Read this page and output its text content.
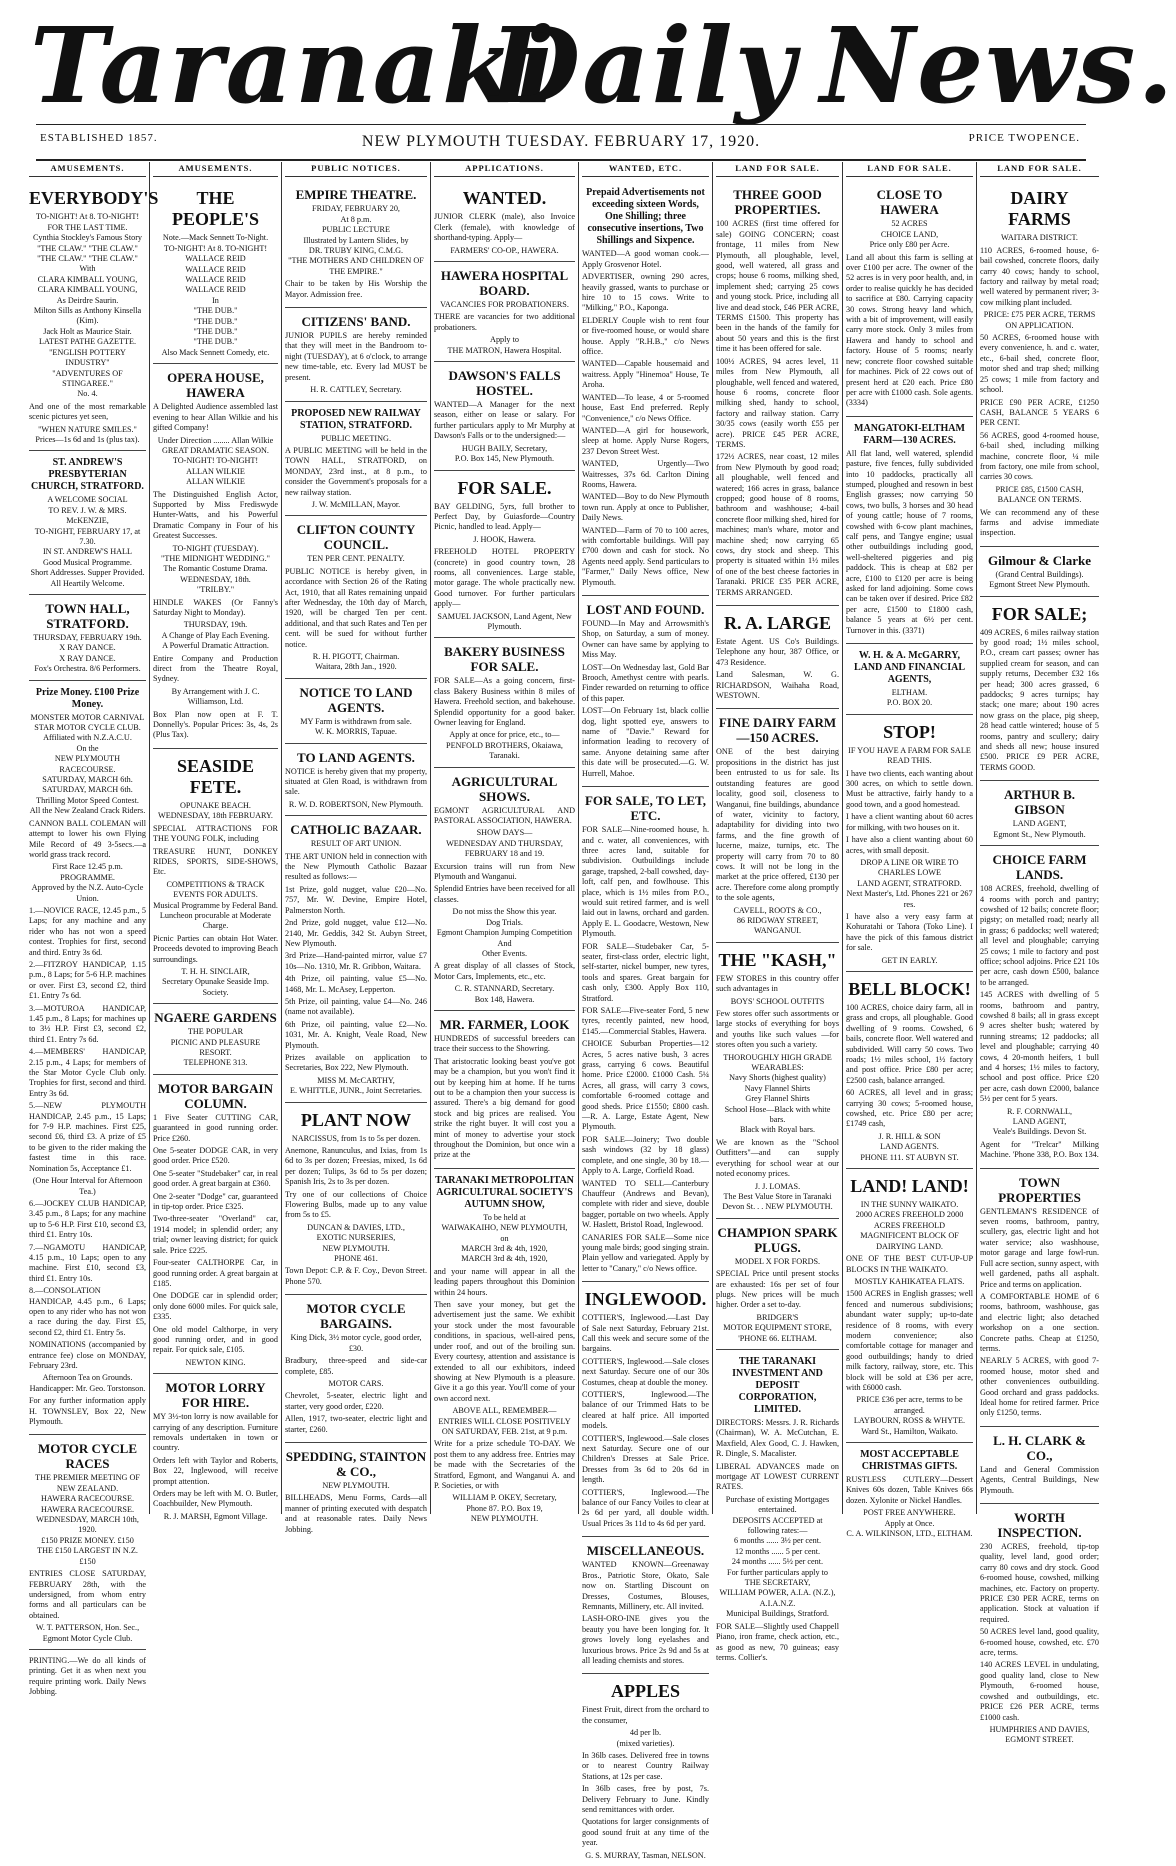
Taranaki
Daily News.
ESTABLISHED 1857.	NEW PLYMOUTH TUESDAY. FEBRUARY 17, 1920.	PRICE TWOPENCE.
AMUSEMENTS.
EVERYBODY'S
TO-NIGHT! At 8. TO-NIGHT!
FOR THE LAST TIME.
Cynthia Stockley's Famous Story
"THE CLAW." "THE CLAW."
"THE CLAW." "THE CLAW."
With
CLARA KIMBALL YOUNG,
CLARA KIMBALL YOUNG,
As Deirdre Saurin.
Milton Sills as Anthony Kinsella (Kim).
Jack Holt as Maurice Stair.
LATEST PATHE GAZETTE.
"ENGLISH POTTERY INDUSTRY"
"ADVENTURES OF STINGAREE."
No. 4.
And one of the most remarkable scenic pictures yet seen,
"WHEN NATURE SMILES."
Prices—1s 6d and 1s (plus tax).
ST. ANDREW'S PRESBYTERIAN CHURCH, STRATFORD.
A WELCOME SOCIAL
TO REV. J. W. & MRS. McKENZIE,
TO-NIGHT, FEBRUARY 17, at 7.30.
IN ST. ANDREW'S HALL
Good Musical Programme.
Short Addresses. Supper Provided.
All Heartily Welcome.
TOWN HALL, STRATFORD.
THURSDAY, FEBRUARY 19th.
X RAY DANCE.
X RAY DANCE.
Fox's Orchestra. 8/6 Performers.
Prize Money. £100 Prize Money.
MONSTER MOTOR CARNIVAL
STAR MOTOR CYCLE CLUB.
Affiliated with N.Z.A.C.U.
On the
NEW PLYMOUTH RACECOURSE.
SATURDAY, MARCH 6th.
SATURDAY, MARCH 6th.
Thrilling Motor Speed Contest.
All the New Zealand Crack Riders.
CANNON BALL COLEMAN will attempt to lower his own Flying Mile Record of 49 3-5secs.—a world grass track record.
First Race 12.45 p.m.
PROGRAMME.
Approved by the N.Z. Auto-Cycle Union.
1.—NOVICE RACE, 12.45 p.m., 5 Laps; for any machine and any rider who has not won a speed contest. Trophies for first, second and third. Entry 3s 6d.
2.—FITZROY HANDICAP, 1.15 p.m., 8 Laps; for 5-6 H.P. machines or over. First £3, second £2, third £1. Entry 7s 6d.
3.—MOTUROA HANDICAP, 1.45 p.m., 8 Laps; for machines up to 3½ H.P. First £3, second £2, third £1. Entry 7s 6d.
4.—MEMBERS' HANDICAP, 2.15 p.m., 4 Laps; for members of the Star Motor Cycle Club only. Trophies for first, second and third. Entry 3s 6d.
5.—NEW PLYMOUTH HANDICAP, 2.45 p.m., 15 Laps; for 7-9 H.P. machines. First £25, second £6, third £3. A prize of £5 to be given to the rider making the fastest time in this race. Nomination 5s, Acceptance £1.
(One Hour Interval for Afternoon Tea.)
6.—JOCKEY CLUB HANDICAP, 3.45 p.m., 8 Laps; for any machine up to 5-6 H.P. First £10, second £3, third £1. Entry 10s.
7.—NGAMOTU HANDICAP, 4.15 p.m., 10 Laps; open to any machine. First £10, second £3, third £1. Entry 10s.
8.—CONSOLATION HANDICAP, 4.45 p.m., 6 Laps; open to any rider who has not won a race during the day. First £5, second £2, third £1. Entry 5s.
NOMINATIONS (accompanied by entrance fee) close on MONDAY, February 23rd.
Afternoon Tea on Grounds.
Handicapper: Mr. Geo. Torstonson.
For any further information apply H. TOWNSLEY, Box 22, New Plymouth.
MOTOR CYCLE RACES
THE PREMIER MEETING OF NEW ZEALAND.
HAWERA RACECOURSE.
HAWERA RACECOURSE.
WEDNESDAY, MARCH 10th, 1920.
£150 PRIZE MONEY. £150
THE £150 LARGEST IN N.Z. £150
ENTRIES CLOSE SATURDAY, FEBRUARY 28th, with the undersigned, from whom entry forms and all particulars can be obtained.
W. T. PATTERSON, Hon. Sec.,
Egmont Motor Cycle Club.
PRINTING.—We do all kinds of printing. Get it as when next you require printing work. Daily News Jobbing.
AMUSEMENTS.
THE PEOPLE'S
Note.—Mack Sennett To-Night.
TO-NIGHT! At 8. TO-NIGHT!
WALLACE REID
WALLACE REID
WALLACE REID
WALLACE REID
In
"THE DUB."
"THE DUB."
"THE DUB."
"THE DUB."
Also Mack Sennett Comedy, etc.
OPERA HOUSE, HAWERA
A Delighted Audience assembled last evening to hear Allan Wilkie and his gifted Company!
Under Direction ........ Allan Wilkie
GREAT DRAMATIC SEASON.
TO-NIGHT! TO-NIGHT!
ALLAN WILKIE
ALLAN WILKIE
The Distinguished English Actor, Supported by Miss Frediswyde Hunter-Watts, and his Powerful Dramatic Company in Four of his Greatest Successes.
TO-NIGHT (TUESDAY).
"THE MIDNIGHT WEDDING."
The Romantic Costume Drama.
WEDNESDAY, 18th.
"TRILBY."
HINDLE WAKES (Or Fanny's Saturday Night to Monday).
THURSDAY, 19th.
A Change of Play Each Evening.
A Powerful Dramatic Attraction.
Entire Company and Production direct from the Theatre Royal, Sydney.
By Arrangement with J. C. Williamson, Ltd.
Box Plan now open at F. T. Donnelly's. Popular Prices: 3s, 4s, 2s (Plus Tax).
SEASIDE FETE.
OPUNAKE BEACH.
WEDNESDAY, 18th FEBRUARY.
SPECIAL ATTRACTIONS FOR THE YOUNG FOLK, including
TREASURE HUNT, DONKEY RIDES, SPORTS, SIDE-SHOWS, Etc.
COMPETITIONS & TRACK EVENTS FOR ADULTS.
Musical Programme by Federal Band.
Luncheon procurable at Moderate Charge.
Picnic Parties can obtain Hot Water. Proceeds devoted to improving Beach surroundings.
T. H. H. SINCLAIR,
Secretary Opunake Seaside Imp. Society.
NGAERE GARDENS
THE POPULAR
PICNIC AND PLEASURE
RESORT.
TELEPHONE 313.
MOTOR BARGAIN COLUMN.
1 Five Seater CUTTING CAR, guaranteed in good running order. Price £260.
One 5-seater DODGE CAR, in very good order. Price £520.
One 5-seater "Studebaker" car, in real good order. A great bargain at £360.
One 2-seater "Dodge" car, guaranteed in tip-top order. Price £325.
Two-three-seater "Overland" car, 1914 model; in splendid order; any trial; owner leaving district; for quick sale. Price £225.
Four-seater CALTHORPE Car, in good running order. A great bargain at £185.
One DODGE car in splendid order; only done 6000 miles. For quick sale, £335.
One old model Calthorpe, in very good running order, and in good repair. For quick sale, £105.
NEWTON KING.
MOTOR LORRY FOR HIRE.
MY 3½-ton lorry is now available for carrying of any description. Furniture removals undertaken in town or country.
Orders left with Taylor and Roberts, Box 22, Inglewood, will receive prompt attention.
Orders may be left with M. O. Butler, Coachbuilder, New Plymouth.
R. J. MARSH, Egmont Village.
PUBLIC NOTICES.
EMPIRE THEATRE.
FRIDAY, FEBRUARY 20,
At 8 p.m.
PUBLIC LECTURE
Illustrated by Lantern Slides, by
DR. TRUBY KING, C.M.G.
"THE MOTHERS AND CHILDREN OF THE EMPIRE."
Chair to be taken by His Worship the Mayor. Admission free.
CITIZENS' BAND.
JUNIOR PUPILS are hereby reminded that they will meet in the Bandroom to-night (TUESDAY), at 6 o'clock, to arrange new time-table, etc. Every lad MUST be present.
H. R. CATTLEY, Secretary.
PROPOSED NEW RAILWAY STATION, STRATFORD.
PUBLIC MEETING.
A PUBLIC MEETING will be held in the TOWN HALL, STRATFORD, on MONDAY, 23rd inst., at 8 p.m., to consider the Government's proposals for a new railway station.
J. W. McMILLAN, Mayor.
CLIFTON COUNTY COUNCIL.
TEN PER CENT. PENALTY.
PUBLIC NOTICE is hereby given, in accordance with Section 26 of the Rating Act, 1910, that all Rates remaining unpaid after Wednesday, the 10th day of March, 1920, will be charged Ten per cent. additional, and that such Rates and Ten per cent. will be sued for without further notice.
R. H. PIGOTT, Chairman.
Waitara, 28th Jan., 1920.
NOTICE TO LAND AGENTS.
MY Farm is withdrawn from sale.
W. K. MORRIS, Tapuae.
TO LAND AGENTS.
NOTICE is hereby given that my property, situated at Glen Road, is withdrawn from sale.
R. W. D. ROBERTSON, New Plymouth.
CATHOLIC BAZAAR.
RESULT OF ART UNION.
THE ART UNION held in connection with the New Plymouth Catholic Bazaar resulted as follows:—
1st Prize, gold nugget, value £20—No. 757, Mr. W. Devine, Empire Hotel, Palmerston North.
2nd Prize, gold nugget, value £12—No. 2140, Mr. Geddis, 342 St. Aubyn Street, New Plymouth.
3rd Prize—Hand-painted mirror, value £7 10s—No. 1310, Mr. R. Gribbon, Waitara.
4th Prize, oil painting, value £5—No. 1468, Mr. L. McAsey, Lepperton.
5th Prize, oil painting, value £4—No. 246 (name not available).
6th Prize, oil painting, value £2—No. 1031, Mr. A. Knight, Veale Road, New Plymouth.
Prizes available on application to Secretaries, Box 222, New Plymouth.
MISS M. McCARTHY,
E. WHITTLE, JUNR., Joint Secretaries.
PLANT NOW
NARCISSUS, from 1s to 5s per dozen.
Anemone, Ranunculus, and Ixias, from 1s 6d to 3s per dozen; Freesias, mixed, 1s 6d per dozen; Tulips, 3s 6d to 5s per dozen; Spanish Iris, 2s to 3s per dozen.
Try one of our collections of Choice Flowering Bulbs, made up to any value from 5s to £5.
DUNCAN & DAVIES, LTD.,
EXOTIC NURSERIES,
NEW PLYMOUTH.
PHONE 461.
Town Depot: C.P. & F. Coy., Devon Street. Phone 570.
MOTOR CYCLE BARGAINS.
King Dick, 3½ motor cycle, good order, £30.
Bradbury, three-speed and side-car complete, £85.
MOTOR CARS.
Chevrolet, 5-seater, electric light and starter, very good order, £220.
Allen, 1917, two-seater, electric light and starter, £260.
SPEDDING, STAINTON & CO.,
NEW PLYMOUTH.
BILLHEADS, Menu Forms, Cards—all manner of printing executed with despatch and at reasonable rates. Daily News Jobbing.
APPLICATIONS.
WANTED.
JUNIOR CLERK (male), also Invoice Clerk (female), with knowledge of shorthand-typing. Apply—
FARMERS' CO-OP., HAWERA.
HAWERA HOSPITAL BOARD.
VACANCIES FOR PROBATIONERS.
THERE are vacancies for two additional probationers.
Apply to
THE MATRON, Hawera Hospital.
DAWSON'S FALLS HOSTEL.
WANTED—A Manager for the next season, either on lease or salary. For further particulars apply to Mr Murphy at Dawson's Falls or to the undersigned:—
HUGH BAILY, Secretary,
P.O. Box 145, New Plymouth.
FOR SALE.
BAY GELDING, 5yrs, full brother to Perfect Day, by Guiasforde—Country Picnic, handled to lead. Apply—
J. HOOK, Hawera.
FREEHOLD HOTEL PROPERTY (concrete) in good country town, 28 rooms, all conveniences. Large stable, motor garage. The whole practically new. Good turnover. For further particulars apply—
SAMUEL JACKSON, Land Agent, New Plymouth.
BAKERY BUSINESS FOR SALE.
FOR SALE—As a going concern, first-class Bakery Business within 8 miles of Hawera. Freehold section, and bakehouse. Splendid opportunity for a good baker. Owner leaving for England.
Apply at once for price, etc., to—
PENFOLD BROTHERS, Okaiawa, Taranaki.
AGRICULTURAL SHOWS.
EGMONT AGRICULTURAL AND PASTORAL ASSOCIATION, HAWERA.
SHOW DAYS—
WEDNESDAY AND THURSDAY, FEBRUARY 18 and 19.
Excursion trains will run from New Plymouth and Wanganui.
Splendid Entries have been received for all classes.
Do not miss the Show this year.
Dog Trials.
Egmont Champion Jumping Competition
And
Other Events.
A great display of all classes of Stock, Motor Cars, Implements, etc., etc.
C. R. STANNARD, Secretary.
Box 148, Hawera.
MR. FARMER, LOOK
HUNDREDS of successful breeders can trace their success to the Showring.
That aristocratic looking beast you've got may be a champion, but you won't find it out by keeping him at home. If he turns out to be a champion then your success is assured. There's a big demand for good stock and big prices are realised. You strike the right buyer. It will cost you a mint of money to advertise your stock throughout the Dominion, but once win a prize at the
TARANAKI METROPOLITAN AGRICULTURAL SOCIETY'S AUTUMN SHOW,
To be held at
WAIWAKAIHO, NEW PLYMOUTH,
on
MARCH 3rd & 4th, 1920,
MARCH 3rd & 4th, 1920,
and your name will appear in all the leading papers throughout this Dominion within 24 hours.
Then save your money, but get the advertisement just the same. We exhibit your stock under the most favourable conditions, in spacious, well-aired pens, under roof, and out of the broiling sun. Every courtesy, attention and assistance is extended to all our exhibitors, indeed showing at New Plymouth is a pleasure. Give it a go this year. You'll come of your own accord next.
ABOVE ALL, REMEMBER—
ENTRIES WILL CLOSE POSITIVELY
ON SATURDAY, FEB. 21st, at 9 p.m.
Write for a prize schedule TO-DAY. We post them to any address free. Entries may be made with the Secretaries of the Stratford, Egmont, and Wanganui A. and P. Societies, or with
WILLIAM P. OKEY, Secretary,
Phone 87. P.O. Box 19,
NEW PLYMOUTH.
WANTED, ETC.
Prepaid Advertisements not exceeding sixteen Words, One Shilling; three consecutive insertions, Two Shillings and Sixpence.
WANTED—A good woman cook.—Apply Grosvenor Hotel.
ADVERTISER, owning 290 acres, heavily grassed, wants to purchase or hire 10 to 15 cows. Write to "Milking," P.O., Kaponga.
ELDERLY Couple wish to rent four or five-roomed house, or would share house. Apply "R.H.B.," c/o News office.
WANTED—Capable housemaid and waitress. Apply "Hinemoa" House, Te Aroha.
WANTED—To lease, 4 or 5-roomed house, East End preferred. Reply "Convenience," c/o News Office.
WANTED—A girl for housework, sleep at home. Apply Nurse Rogers, 237 Devon Street West.
WANTED, Urgently—Two Waitresses, 37s 6d. Carlton Dining Rooms, Hawera.
WANTED—Boy to do New Plymouth town run. Apply at once to Publisher, Daily News.
WANTED—Farm of 70 to 100 acres, with comfortable buildings. Will pay £700 down and cash for stock. No Agents need apply. Send particulars to "Farmer," Daily News office, New Plymouth.
LOST AND FOUND.
FOUND—In May and Arrowsmith's Shop, on Saturday, a sum of money. Owner can have same by applying to Miss May.
LOST—On Wednesday last, Gold Bar Brooch, Amethyst centre with pearls. Finder rewarded on returning to office of this paper.
LOST—On February 1st, black collie dog, light spotted eye, answers to name of "Davie." Reward for information leading to recovery of same. Anyone detaining same after this date will be prosecuted.—G. W. Hurrell, Mahoe.
FOR SALE, TO LET, ETC.
FOR SALE—Nine-roomed house, h. and c. water, all conveniences, with three acres land, suitable for subdivision. Outbuildings include garage, trapshed, 2-ball cowshed, day-loft, calf pen, and fowlhouse. This place, which is 1½ miles from P.O., would suit retired farmer, and is well laid out in lawns, orchard and garden. Apply E. L. Goodacre, Westown, New Plymouth.
FOR SALE—Studebaker Car, 5-seater, first-class order, electric light, self-starter, nickel bumper, new tyres, tools and spares. Great bargain for cash only, £300. Apply Box 110, Stratford.
FOR SALE—Five-seater Ford, 5 new tyres, recently painted, new hood, £145.—Commercial Stables, Hawera.
CHOICE Suburban Properties—12 Acres, 5 acres native bush, 3 acres grass, carrying 6 cows. Beautiful home. Price £2000. £1000 Cash. 5¼ Acres, all grass, will carry 3 cows, comfortable 6-roomed cottage and good sheds. Price £1550; £800 cash.—R. A. Large, Estate Agent, New Plymouth.
FOR SALE—Joinery; Two double sash windows (32 by 18 glass) complete, and one single, 30 by 18.—Apply to A. Large, Corfield Road.
WANTED TO SELL—Canterbury Chauffeur (Andrews and Bevan), complete with rider and sieve, double bagger, portable on two wheels. Apply W. Haslett, Bristol Road, Inglewood.
CANARIES FOR SALE—Some nice young male birds; good singing strain. Plain yellow and variegated. Apply by letter to "Canary," c/o News office.
INGLEWOOD.
COTTIER'S, Inglewood.—Last Day of Sale next Saturday, February 21st. Call this week and secure some of the bargains.
COTTIER'S, Inglewood.—Sale closes next Saturday. Secure one of our 30s Costumes, cheap at double the money.
COTTIER'S, Inglewood.—The balance of our Trimmed Hats to be cleared at half price. All imported models.
COTTIER'S, Inglewood.—Sale closes next Saturday. Secure one of our Children's Dresses at Sale Price. Dresses from 3s 6d to 20s 6d in length.
COTTIER'S, Inglewood.—The balance of our Fancy Voiles to clear at 2s 6d per yard, all double width. Usual Prices 3s 11d to 4s 6d per yard.
MISCELLANEOUS.
WANTED KNOWN—Greenaway Bros., Patriotic Store, Okato, Sale now on. Startling Discount on Dresses, Costumes, Blouses, Remnants, Millinery, etc. All invited.
LASH-ORO-INE gives you the beauty you have been longing for. It grows lovely long eyelashes and luxurious brows. Price 2s 9d and 5s at all leading chemists and stores.
APPLES
Finest Fruit, direct from the orchard to the consumer,
4d per lb.
(mixed varieties).
In 36lb cases. Delivered free in towns or to nearest Country Railway Stations, at 12s per case.
In 36lb cases, free by post, 7s. Delivery February to June. Kindly send remittances with order.
Quotations for larger consignments of good sound fruit at any time of the year.
G. S. MURRAY, Tasman, NELSON.
LAND FOR SALE.
THREE GOOD PROPERTIES.
100 ACRES (first time offered for sale) GOING CONCERN; coast frontage, 11 miles from New Plymouth, all ploughable, level, good, well watered, all grass and crops; house 6 rooms, milking shed, implement shed; carrying 25 cows and young stock. Price, including all live and dead stock, £46 PER ACRE, TERMS £1500. This property has been in the hands of the family for about 50 years and this is the first time it has been offered for sale.
100½ ACRES, 94 acres level, 11 miles from New Plymouth, all ploughable, well fenced and watered, house 6 rooms, concrete floor milking shed, handy to school, factory and railway station. Carry 30/35 cows (easily worth £55 per acre). PRICE £45 PER ACRE, TERMS.
172½ ACRES, near coast, 12 miles from New Plymouth by good road; all ploughable, well fenced and watered; 166 acres in grass, balance cropped; good house of 8 rooms, bathroom and washhouse; 4-bail concrete floor milking shed, hired for machines; man's whare, motor and machine shed; now carrying 65 cows, dry stock and sheep. This property is situated within 1½ miles of one of the best cheese factories in Taranaki. PRICE £35 PER ACRE, TERMS ARRANGED.
R. A. LARGE
Estate Agent. US Co's Buildings. Telephone any hour, 387 Office, or 473 Residence.
Land Salesman, W. G. RICHARDSON, Waihaha Road, WESTOWN.
FINE DAIRY FARM—150 ACRES.
ONE of the best dairying propositions in the district has just been entrusted to us for sale. Its outstanding features are good locality, good soil, closeness to Wanganui, fine buildings, abundance of water, vicinity to factory, adaptability for dividing into two farms, and the fine growth of lucerne, maize, turnips, etc. The property will carry from 70 to 80 cows. It will not be long in the market at the price offered, £130 per acre. Therefore come along promptly to the sole agents,
CAVELL, ROOTS & CO.,
86 RIDGWAY STREET, WANGANUI.
THE "KASH,"
FEW STORES in this country offer such advantages in
BOYS' SCHOOL OUTFITS
Few stores offer such assortments or large stocks of everything for boys and youths like such values —for stores often you such a variety.
THOROUGHLY HIGH GRADE WEARABLES:
Navy Shorts (highest quality)
Navy Flannel Shirts
Grey Flannel Shirts
School Hose—Black with white bars.
Black with Royal bars.
We are known as the "School Outfitters"—and can supply everything for school wear at our noted economy prices.
J. J. LOMAS.
The Best Value Store in Taranaki
Devon St. . . NEW PLYMOUTH.
CHAMPION SPARK PLUGS.
MODEL X FOR FORDS.
SPECIAL Price until present stocks are exhausted: 16s per set of four plugs. New prices will be much higher. Order a set to-day.
BRIDGER'S
MOTOR EQUIPMENT STORE,
'PHONE 66. ELTHAM.
THE TARANAKI INVESTMENT AND DEPOSIT CORPORATION, LIMITED.
DIRECTORS: Messrs. J. R. Richards (Chairman), W. A. McCutchan, E. Maxfield, Alex Good, C. J. Hawken, R. Dingle, S. Macalister.
LIBERAL ADVANCES made on mortgage AT LOWEST CURRENT RATES.
Purchase of existing Mortgages entertained.
DEPOSITS ACCEPTED at following rates:—
6 months ...... 3½ per cent.
12 months ...... 5 per cent.
24 months ...... 5½ per cent.
For further particulars apply to
THE SECRETARY,
WILLIAM POWER, A.I.A. (N.Z.), A.I.A.N.Z.
Municipal Buildings, Stratford.
FOR SALE—Slightly used Chappell Piano, iron frame, check action, etc., as good as new, 70 guineas; easy terms. Collier's.
LAND FOR SALE.
CLOSE TO HAWERA
52 ACRES
CHOICE LAND,
Price only £80 per Acre.
Land all about this farm is selling at over £100 per acre. The owner of the 52 acres is in very poor health, and, in order to realise quickly he has decided to sacrifice at £80. Carrying capacity 30 cows. Strong heavy land which, with a bit of improvement, will easily carry more stock. Only 3 miles from Hawera and handy to school and factory. House of 5 rooms; nearly new; concrete floor cowshed suitable for machines. Pick of 22 cows out of present herd at £20 each. Price £80 per acre with £1000 cash. Sole agents. (3334)
MANGATOKI-ELTHAM FARM—130 ACRES.
All flat land, well watered, splendid pasture, five fences, fully subdivided into 10 paddocks, practically all stumped, ploughed and resown in best English grasses; now carrying 50 cows, two bulls, 3 horses and 30 head of young cattle; house of 7 rooms, cowshed with 6-cow plant machines, calf pens, and Tangye engine; usual other outbuildings including good, well-sheltered piggeries and pig paddock. This is cheap at £82 per acre, £100 to £120 per acre is being asked for land adjoining. Some cows can be taken over if desired. Price £82 per acre, £1500 to £1800 cash, balance 5 years at 6½ per cent. Turnover in this. (3371)
W. H. & A. McGARRY, LAND AND FINANCIAL AGENTS,
ELTHAM.
P.O. BOX 20.
STOP!
IF YOU HAVE A FARM FOR SALE READ THIS.
I have two clients, each wanting about 300 acres, on which to settle down. Must be attractive, fairly handy to a good town, and a good homestead.
I have a client wanting about 60 acres for milking, with two houses on it.
I have also a client wanting about 60 acres, with small deposit.
DROP A LINE OR WIRE TO
CHARLES LOWE
LAND AGENT, STRATFORD.
Next Master's, Ltd. Phones 221 or 267 res.
I have also a very easy farm at Kohuratahi or Tahora (Toko Line). I have the pick of this famous district for sale.
GET IN EARLY.
BELL BLOCK!
100 ACRES, choice dairy farm, all in grass and crops, all ploughable. Good dwelling of 9 rooms. Cowshed, 6 bails, concrete floor. Well watered and subdivided. Will carry 50 cows. Two roads; 1½ miles school, 1½ factory and post office. Price £80 per acre; £2500 cash, balance arranged.
60 ACRES, all level and in grass; carrying 30 cows; 5-roomed house, cowshed, etc. Price £80 per acre; £1749 cash,
J. R. HILL & SON
LAND AGENTS.
PHONE 111. ST AUBYN ST.
LAND! LAND!
IN THE SUNNY WAIKATO.
2000 ACRES FREEHOLD 2000
ACRES FREEHOLD
MAGNIFICENT BLOCK OF DAIRYING LAND.
ONE OF THE BEST CUT-UP-UP BLOCKS IN THE WAIKATO.
MOSTLY KAHIKATEA FLATS.
1500 ACRES in English grasses; well fenced and numerous subdivisions; abundant water supply; up-to-date residence of 8 rooms, with every modern convenience; also comfortable cottage for manager and good outbuildings; handy to dried milk factory, railway, store, etc. This block will be sold at £36 per acre, with £6000 cash.
PRICE £36 per acre, terms to be arranged.
LAYBOURN, ROSS & WHYTE.
Ward St., Hamilton, Waikato.
MOST ACCEPTABLE CHRISTMAS GIFTS.
RUSTLESS CUTLERY—Dessert Knives 60s dozen, Table Knives 66s dozen. Xylonite or Nickel Handles.
POST FREE ANYWHERE.
Apply at Once.
C. A. WILKINSON, LTD., ELTHAM.
LAND FOR SALE.
DAIRY FARMS
WAITARA DISTRICT.
110 ACRES, 6-roomed house, 6-bail cowshed, concrete floors, daily carry 40 cows; handy to school, factory and railway by metal road; well watered by permanent river; 3-cow milking plant included.
PRICE: £75 PER ACRE, TERMS ON APPLICATION.
50 ACRES, 6-roomed house with every convenience, h. and c. water, etc., 6-bail shed, concrete floor, motor shed and trap shed; milking 25 cows; 1 mile from factory and school.
PRICE £90 PER ACRE, £1250 CASH, BALANCE 5 YEARS 6 PER CENT.
56 ACRES, good 4-roomed house, 6-bail shed, including milking machine, concrete floor, ¼ mile from factory, one mile from school, carries 30 cows.
PRICE £85, £1500 CASH, BALANCE ON TERMS.
We can recommend any of these farms and advise immediate inspection.
Gilmour & Clarke
(Grand Central Buildings).
Egmont Street New Plymouth.
FOR SALE;
409 ACRES, 6 miles railway station by good road; 1½ miles school, P.O., cream cart passes; owner has supplied cream for season, and can supply returns, December £32 16s per head; 300 acres grassed, 6 paddocks; 9 acres turnips; hay stack; one mare; about 190 acres now grass on the place, pig sheep, 28 head cattle wintered; house of 5 rooms, pantry and scullery; dairy and sheds all new; house insured £500. PRICE £9 PER ACRE, TERMS GOOD.
ARTHUR B. GIBSON
LAND AGENT,
Egmont St., New Plymouth.
CHOICE FARM LANDS.
108 ACRES, freehold, dwelling of 4 rooms with porch and pantry; cowshed of 12 bails; concrete floor; pigsty; on metalled road; nearly all in grass; 6 paddocks; well watered; all level and ploughable; carrying 25 cows; 1 mile to factory and post office; school adjoins. Price £21 10s per acre, cash down £500, balance to be arranged.
145 ACRES with dwelling of 5 rooms, bathroom and pantry, cowshed 8 bails; all in grass except 9 acres shelter bush; watered by running streams; 12 paddocks; all level and ploughable; carrying 40 cows, 4 20-month heifers, 1 bull and 4 horses; 1½ miles to factory, school and post office. Price £20 per acre, cash down £2000, balance 5½ per cent for 5 years.
R. F. CORNWALL,
LAND AGENT,
Veale's Buildings. Devon St.
Agent for "Trelcar" Milking Machine. 'Phone 338, P.O. Box 134.
TOWN PROPERTIES
GENTLEMAN'S RESIDENCE of seven rooms, bathroom, pantry, scullery, gas, electric light and hot water service; also washhouse, motor garage and large fowl-run. Full acre section, sunny aspect, with well gardened, paths all asphalt. Price and terms on application.
A COMFORTABLE HOME of 6 rooms, bathroom, washhouse, gas and electric light; also detached workshop on a one section. Concrete paths. Cheap at £1250, terms.
NEARLY 5 ACRES, with good 7-roomed house, motor shed and other conveniences outbuilding. Good orchard and grass paddocks. Ideal home for retired farmer. Price only £1250, terms.
L. H. CLARK & CO.,
Land and General Commission Agents, Central Buildings, New Plymouth.
WORTH INSPECTION.
230 ACRES, freehold, tip-top quality, level land, good order; carry 80 cows and dry stock. Good 6-roomed house, cowshed, milking machines, etc. Factory on property. PRICE £30 PER ACRE, terms on application. Stock at valuation if required.
50 ACRES level land, good quality, 6-roomed house, cowshed, etc. £70 acre, terms.
140 ACRES LEVEL in undulating, good quality land, close to New Plymouth, 6-roomed house, cowshed and outbuildings, etc. PRICE £26 PER ACRE, terms £1000 cash.
HUMPHRIES AND DAVIES,
EGMONT STREET.
